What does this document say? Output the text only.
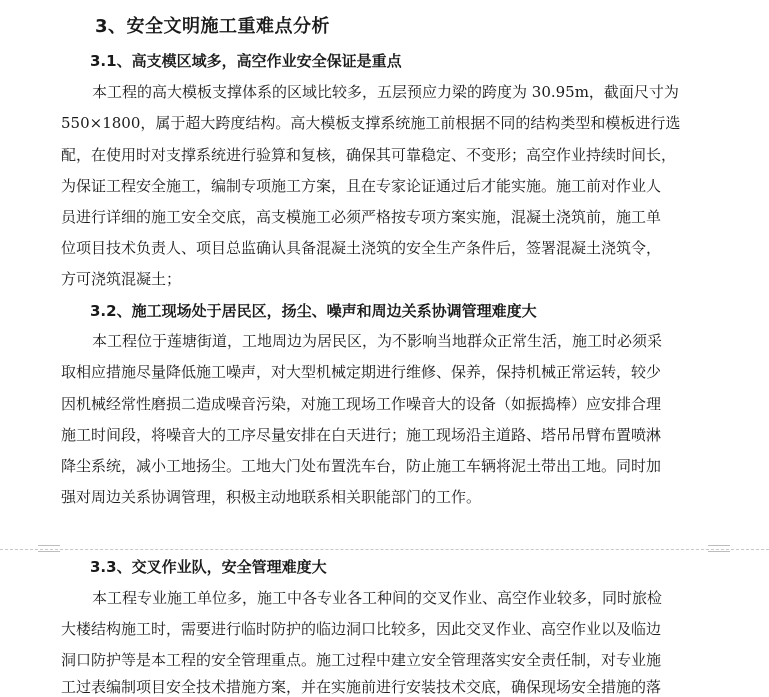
3、安全文明施工重难点分析
3.1、高支模区域多，高空作业安全保证是重点
本工程的高大模板支撑体系的区域比较多，五层预应力梁的跨度为 30.95m，截面尺寸为
550×1800，属于超大跨度结构。高大模板支撑系统施工前根据不同的结构类型和模板进行选
配，在使用时对支撑系统进行验算和复核，确保其可靠稳定、不变形；高空作业持续时间长，
为保证工程安全施工，编制专项施工方案，且在专家论证通过后才能实施。施工前对作业人
员进行详细的施工安全交底，高支模施工必须严格按专项方案实施，混凝土浇筑前，施工单
位项目技术负责人、项目总监确认具备混凝土浇筑的安全生产条件后，签署混凝土浇筑令，
方可浇筑混凝土；
3.2、施工现场处于居民区，扬尘、噪声和周边关系协调管理难度大
本工程位于莲塘街道，工地周边为居民区，为不影响当地群众正常生活，施工时必须采
取相应措施尽量降低施工噪声，对大型机械定期进行维修、保养，保持机械正常运转，较少
因机械经常性磨损二造成噪音污染，对施工现场工作噪音大的设备（如振捣棒）应安排合理
施工时间段，将噪音大的工序尽量安排在白天进行；施工现场沿主道路、塔吊吊臂布置喷淋
降尘系统，减小工地扬尘。工地大门处布置洗车台，防止施工车辆将泥土带出工地。同时加
强对周边关系协调管理，积极主动地联系相关职能部门的工作。
3.3、交叉作业队，安全管理难度大
本工程专业施工单位多，施工中各专业各工种间的交叉作业、高空作业较多，同时旅检
大楼结构施工时，需要进行临时防护的临边洞口比较多，因此交叉作业、高空作业以及临边
洞口防护等是本工程的安全管理重点。施工过程中建立安全管理落实安全责任制，对专业施
工过表编制项目安全技术措施方案，并在实施前进行安装技术交底，确保现场安全措施的落
